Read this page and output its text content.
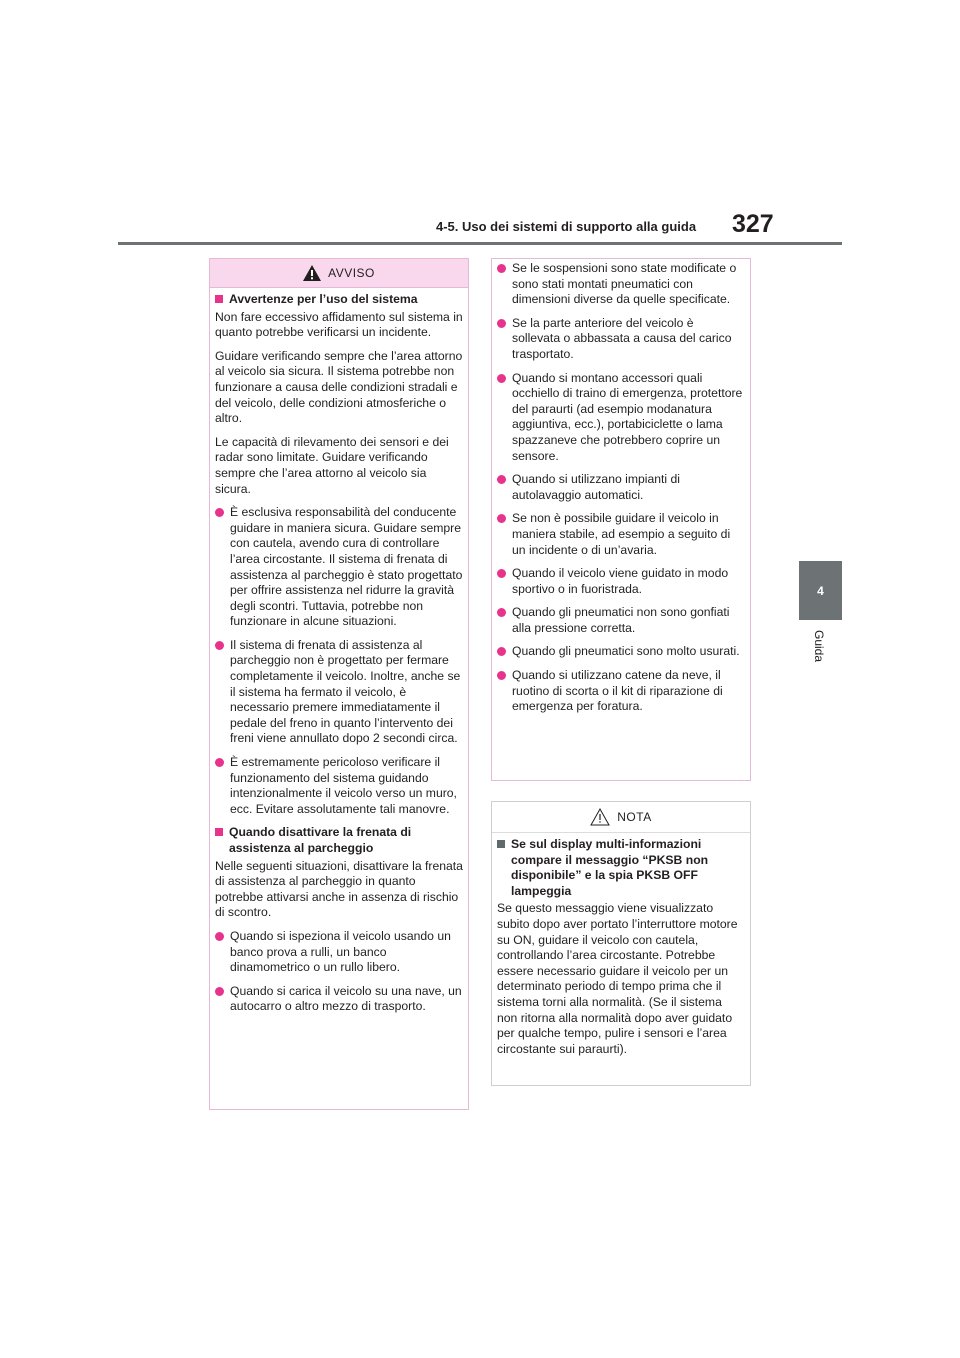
4-5. Uso dei sistemi di supporto alla guida 327
4
Guida
AVVISO
Avvertenze per l’uso del sistema

Non fare eccessivo affidamento sul sistema in quanto potrebbe verificarsi un incidente.

Guidare verificando sempre che l’area attorno al veicolo sia sicura. Il sistema potrebbe non funzionare a causa delle condizioni stradali e del veicolo, delle condizioni atmosferiche o altro.

Le capacità di rilevamento dei sensori e dei radar sono limitate. Guidare verificando sempre che l’area attorno al veicolo sia sicura.

È esclusiva responsabilità del conducente guidare in maniera sicura. Guidare sempre con cautela, avendo cura di controllare l’area circostante. Il sistema di frenata di assistenza al parcheggio è stato progettato per offrire assistenza nel ridurre la gravità degli scontri. Tuttavia, potrebbe non funzionare in alcune situazioni.
Il sistema di frenata di assistenza al parcheggio non è progettato per fermare completamente il veicolo. Inoltre, anche se il sistema ha fermato il veicolo, è necessario premere immediatamente il pedale del freno in quanto l’intervento dei freni viene annullato dopo 2 secondi circa.
È estremamente pericoloso verificare il funzionamento del sistema guidando intenzionalmente il veicolo verso un muro, ecc. Evitare assolutamente tali manovre.
Quando disattivare la frenata di assistenza al parcheggio

Nelle seguenti situazioni, disattivare la frenata di assistenza al parcheggio in quanto potrebbe attivarsi anche in assenza di rischio di scontro.

Quando si ispeziona il veicolo usando un banco prova a rulli, un banco dinamometrico o un rullo libero.
Quando si carica il veicolo su una nave, un autocarro o altro mezzo di trasporto.
Se le sospensioni sono state modificate o sono stati montati pneumatici con dimensioni diverse da quelle specificate.
Se la parte anteriore del veicolo è sollevata o abbassata a causa del carico trasportato.
Quando si montano accessori quali occhiello di traino di emergenza, protettore del paraurti (ad esempio modanatura aggiuntiva, ecc.), portabiciclette o lama spazzaneve che potrebbero coprire un sensore.
Quando si utilizzano impianti di autolavaggio automatici.
Se non è possibile guidare il veicolo in maniera stabile, ad esempio a seguito di un incidente o di un’avaria.
Quando il veicolo viene guidato in modo sportivo o in fuoristrada.
Quando gli pneumatici non sono gonfiati alla pressione corretta.
Quando gli pneumatici sono molto usurati.
Quando si utilizzano catene da neve, il ruotino di scorta o il kit di riparazione di emergenza per foratura.
NOTA
Se sul display multi-informazioni compare il messaggio “PKSB non disponibile” e la spia PKSB OFF lampeggia

Se questo messaggio viene visualizzato subito dopo aver portato l’interruttore motore su ON, guidare il veicolo con cautela, controllando l’area circostante. Potrebbe essere necessario guidare il veicolo per un determinato periodo di tempo prima che il sistema torni alla normalità. (Se il sistema non ritorna alla normalità dopo aver guidato per qualche tempo, pulire i sensori e l’area circostante sui paraurti).
